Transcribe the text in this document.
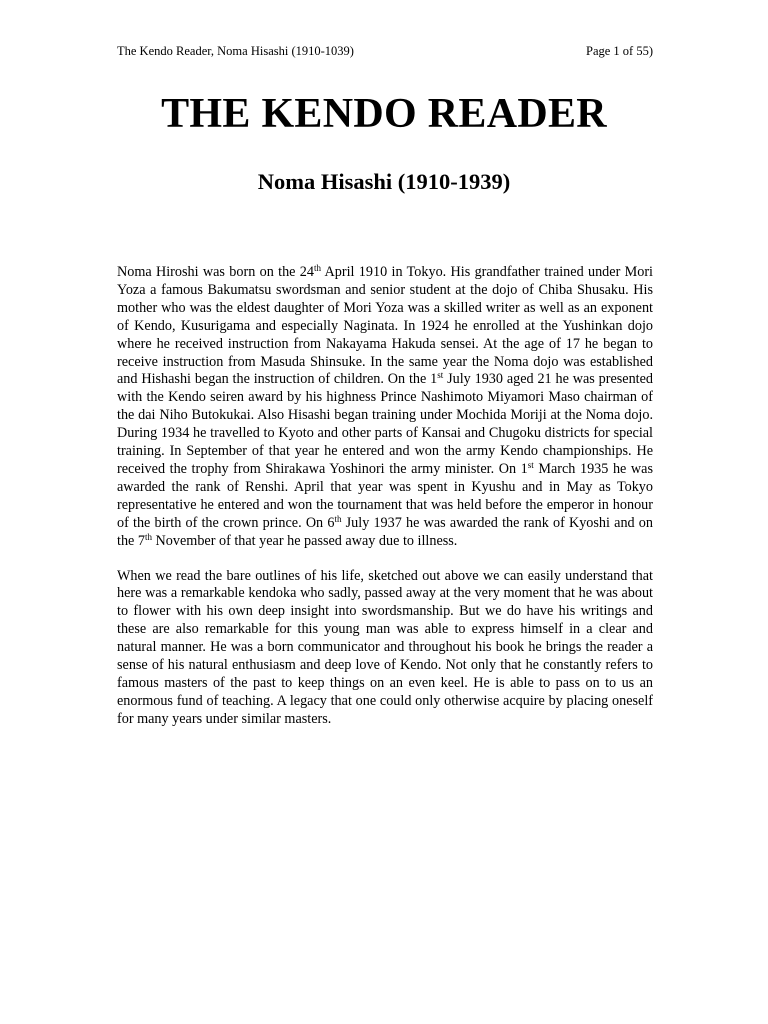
The Kendo Reader, Noma Hisashi (1910-1039)	Page 1 of 55)
THE KENDO READER
Noma Hisashi (1910-1939)

Noma Hiroshi was born on the 24th April 1910 in Tokyo. His grandfather trained under Mori Yoza a famous Bakumatsu swordsman and senior student at the dojo of Chiba Shusaku. His mother who was the eldest daughter of Mori Yoza was a skilled writer as well as an exponent of Kendo, Kusurigama and especially Naginata. In 1924 he enrolled at the Yushinkan dojo where he received instruction from Nakayama Hakuda sensei. At the age of 17 he began to receive instruction from Masuda Shinsuke. In the same year the Noma dojo was established and Hishashi began the instruction of children. On the 1st July 1930 aged 21 he was presented with the Kendo seiren award by his highness Prince Nashimoto Miyamori Maso chairman of the dai Niho Butokukai. Also Hisashi began training under Mochida Moriji at the Noma dojo. During 1934 he travelled to Kyoto and other parts of Kansai and Chugoku districts for special training. In September of that year he entered and won the army Kendo championships. He received the trophy from Shirakawa Yoshinori the army minister. On 1st March 1935 he was awarded the rank of Renshi. April that year was spent in Kyushu and in May as Tokyo representative he entered and won the tournament that was held before the emperor in honour of the birth of the crown prince. On 6th July 1937 he was awarded the rank of Kyoshi and on the 7th November of that year he passed away due to illness.

When we read the bare outlines of his life, sketched out above we can easily understand that here was a remarkable kendoka who sadly, passed away at the very moment that he was about to flower with his own deep insight into swordsmanship. But we do have his writings and these are also remarkable for this young man was able to express himself in a clear and natural manner. He was a born communicator and throughout his book he brings the reader a sense of his natural enthusiasm and deep love of Kendo. Not only that he constantly refers to famous masters of the past to keep things on an even keel. He is able to pass on to us an enormous fund of teaching. A legacy that one could only otherwise acquire by placing oneself for many years under similar masters.
